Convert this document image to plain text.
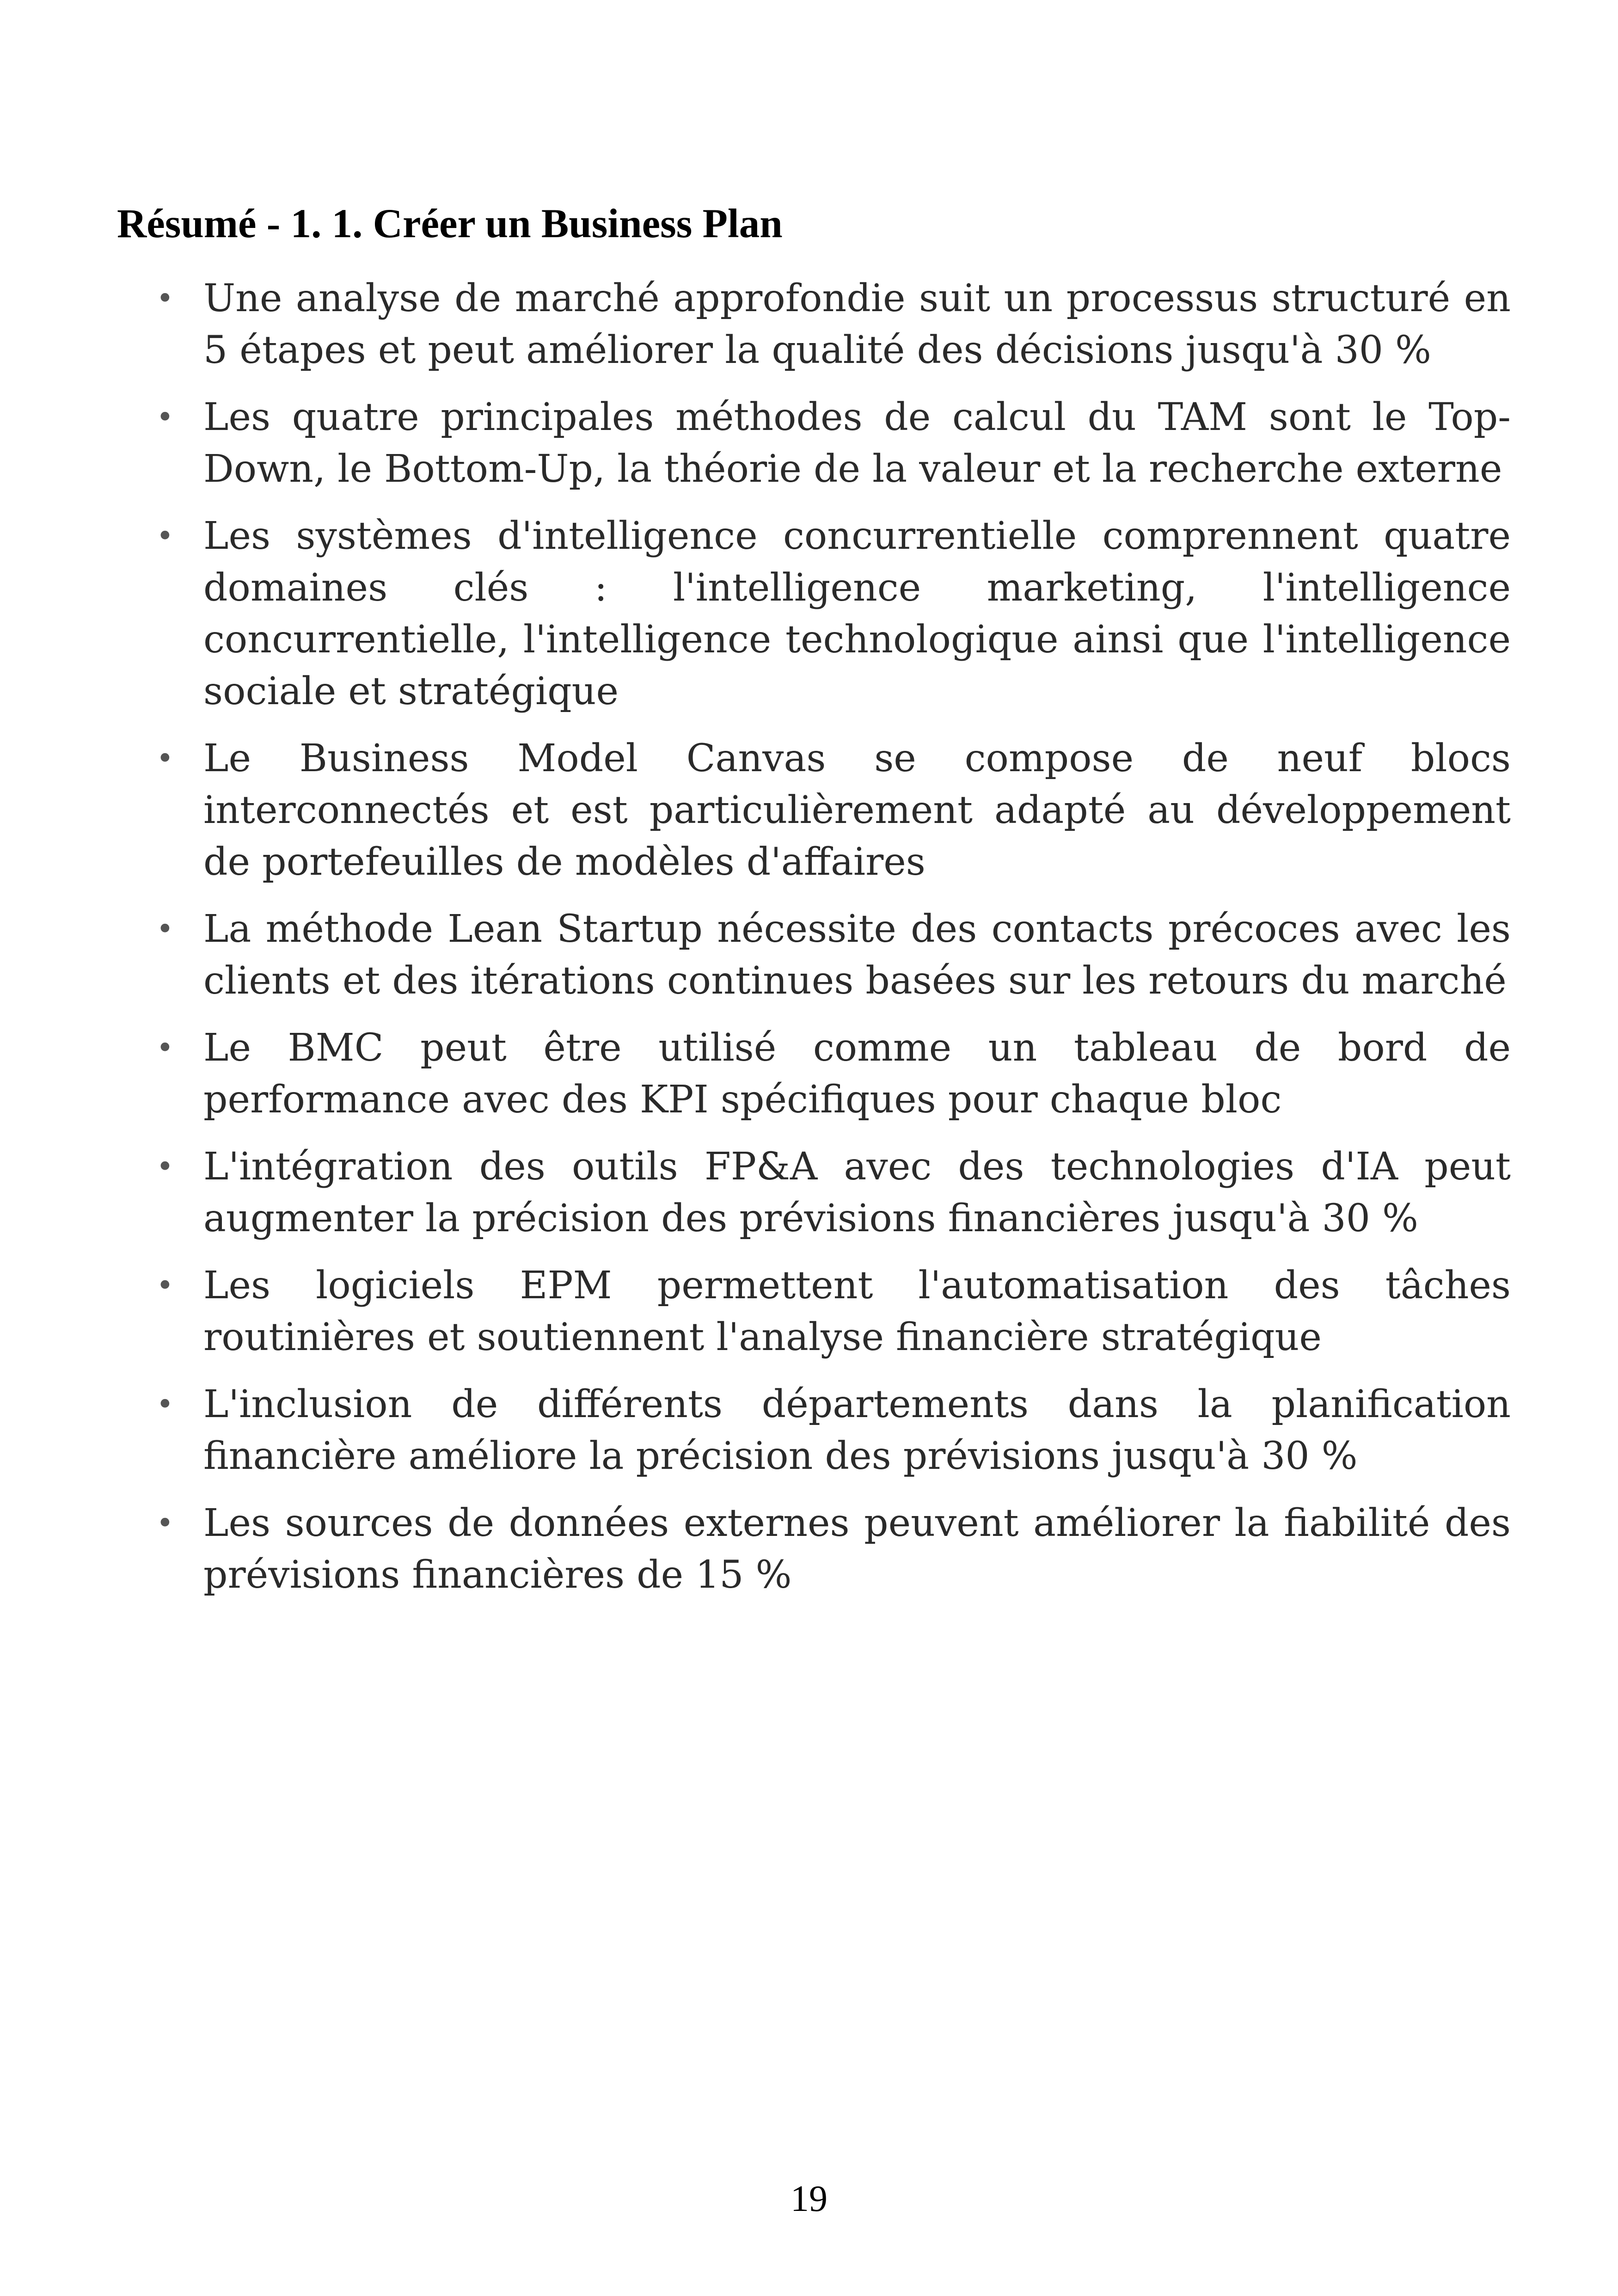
Résumé - 1. 1. Créer un Business Plan
• Une analyse de marché approfondie suit un processus structuré en 5 étapes et peut améliorer la qualité des décisions jusqu'à 30 %
• Les quatre principales méthodes de calcul du TAM sont le Top-Down, le Bottom-Up, la théorie de la valeur et la recherche externe
• Les systèmes d'intelligence concurrentielle comprennent quatre domaines clés : l'intelligence marketing, l'intelligence concurrentielle, l'intelligence technologique ainsi que l'intelligence sociale et stratégique
• Le Business Model Canvas se compose de neuf blocs interconnectés et est particulièrement adapté au développement de portefeuilles de modèles d'affaires
• La méthode Lean Startup nécessite des contacts précoces avec les clients et des itérations continues basées sur les retours du marché
• Le BMC peut être utilisé comme un tableau de bord de performance avec des KPI spécifiques pour chaque bloc
• L'intégration des outils FP&A avec des technologies d'IA peut augmenter la précision des prévisions financières jusqu'à 30 %
• Les logiciels EPM permettent l'automatisation des tâches routinières et soutiennent l'analyse financière stratégique
• L'inclusion de différents départements dans la planification financière améliore la précision des prévisions jusqu'à 30 %
• Les sources de données externes peuvent améliorer la fiabilité des prévisions financières de 15 %

19
